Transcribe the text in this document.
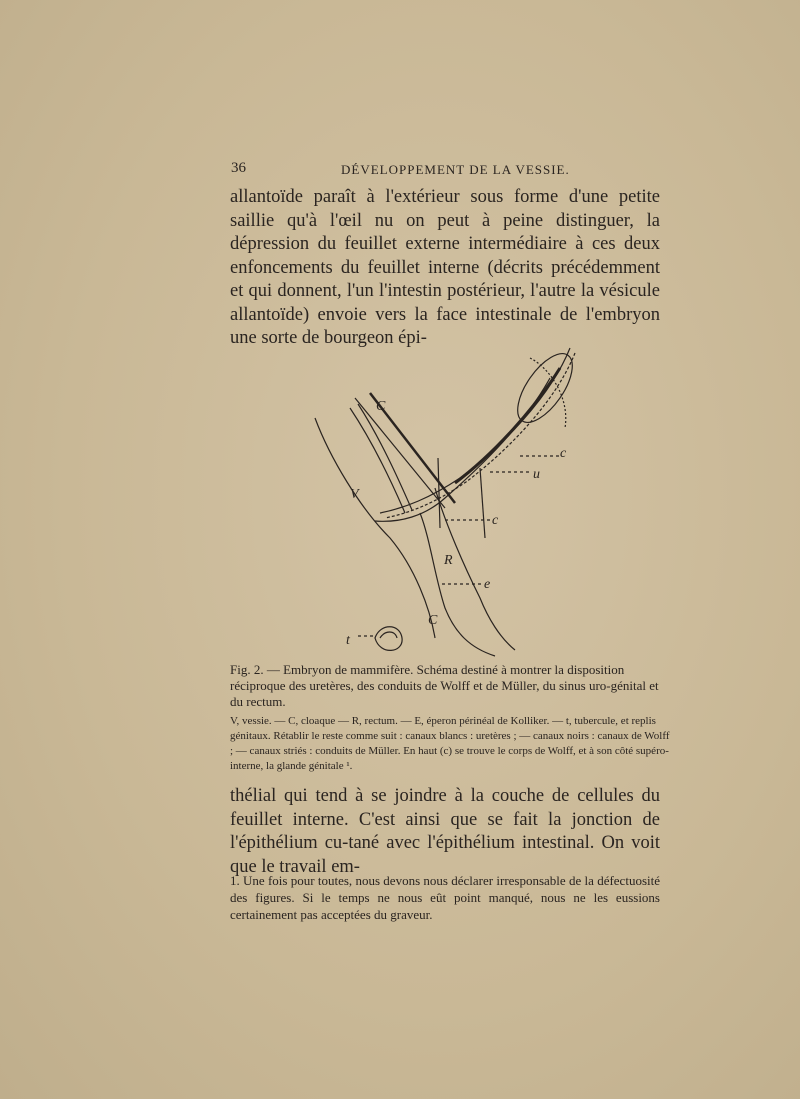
36	DÉVELOPPEMENT DE LA VESSIE.

allantoïde paraît à l'extérieur sous forme d'une petite saillie qu'à l'œil nu on peut à peine distinguer, la dépression du feuillet externe intermédiaire à ces deux enfoncements du feuillet interne (décrits précédemment et qui donnent, l'un l'intestin postérieur, l'autre la vésicule allantoïde) envoie vers la face intestinale de l'embryon une sorte de bourgeon épi-

C
c
u
V
c
R
e
C
t

Fig. 2. — Embryon de mammifère. Schéma destiné à montrer la disposition réciproque des uretères, des conduits de Wolff et de Müller, du sinus uro-génital et du rectum.
V, vessie. — C, cloaque — R, rectum. — E, éperon périnéal de Kolliker. — t, tubercule, et replis génitaux. Rétablir le reste comme suit : canaux blancs : uretères ; — canaux noirs : canaux de Wolff ; — canaux striés : conduits de Müller. En haut (c) se trouve le corps de Wolff, et à son côté supéro-interne, la glande génitale ¹.

thélial qui tend à se joindre à la couche de cellules du feuillet interne. C'est ainsi que se fait la jonction de l'épithélium cu-tané avec l'épithélium intestinal. On voit que le travail em-

1. Une fois pour toutes, nous devons nous déclarer irresponsable de la défectuosité des figures. Si le temps ne nous eût point manqué, nous ne les eussions certainement pas acceptées du graveur.
